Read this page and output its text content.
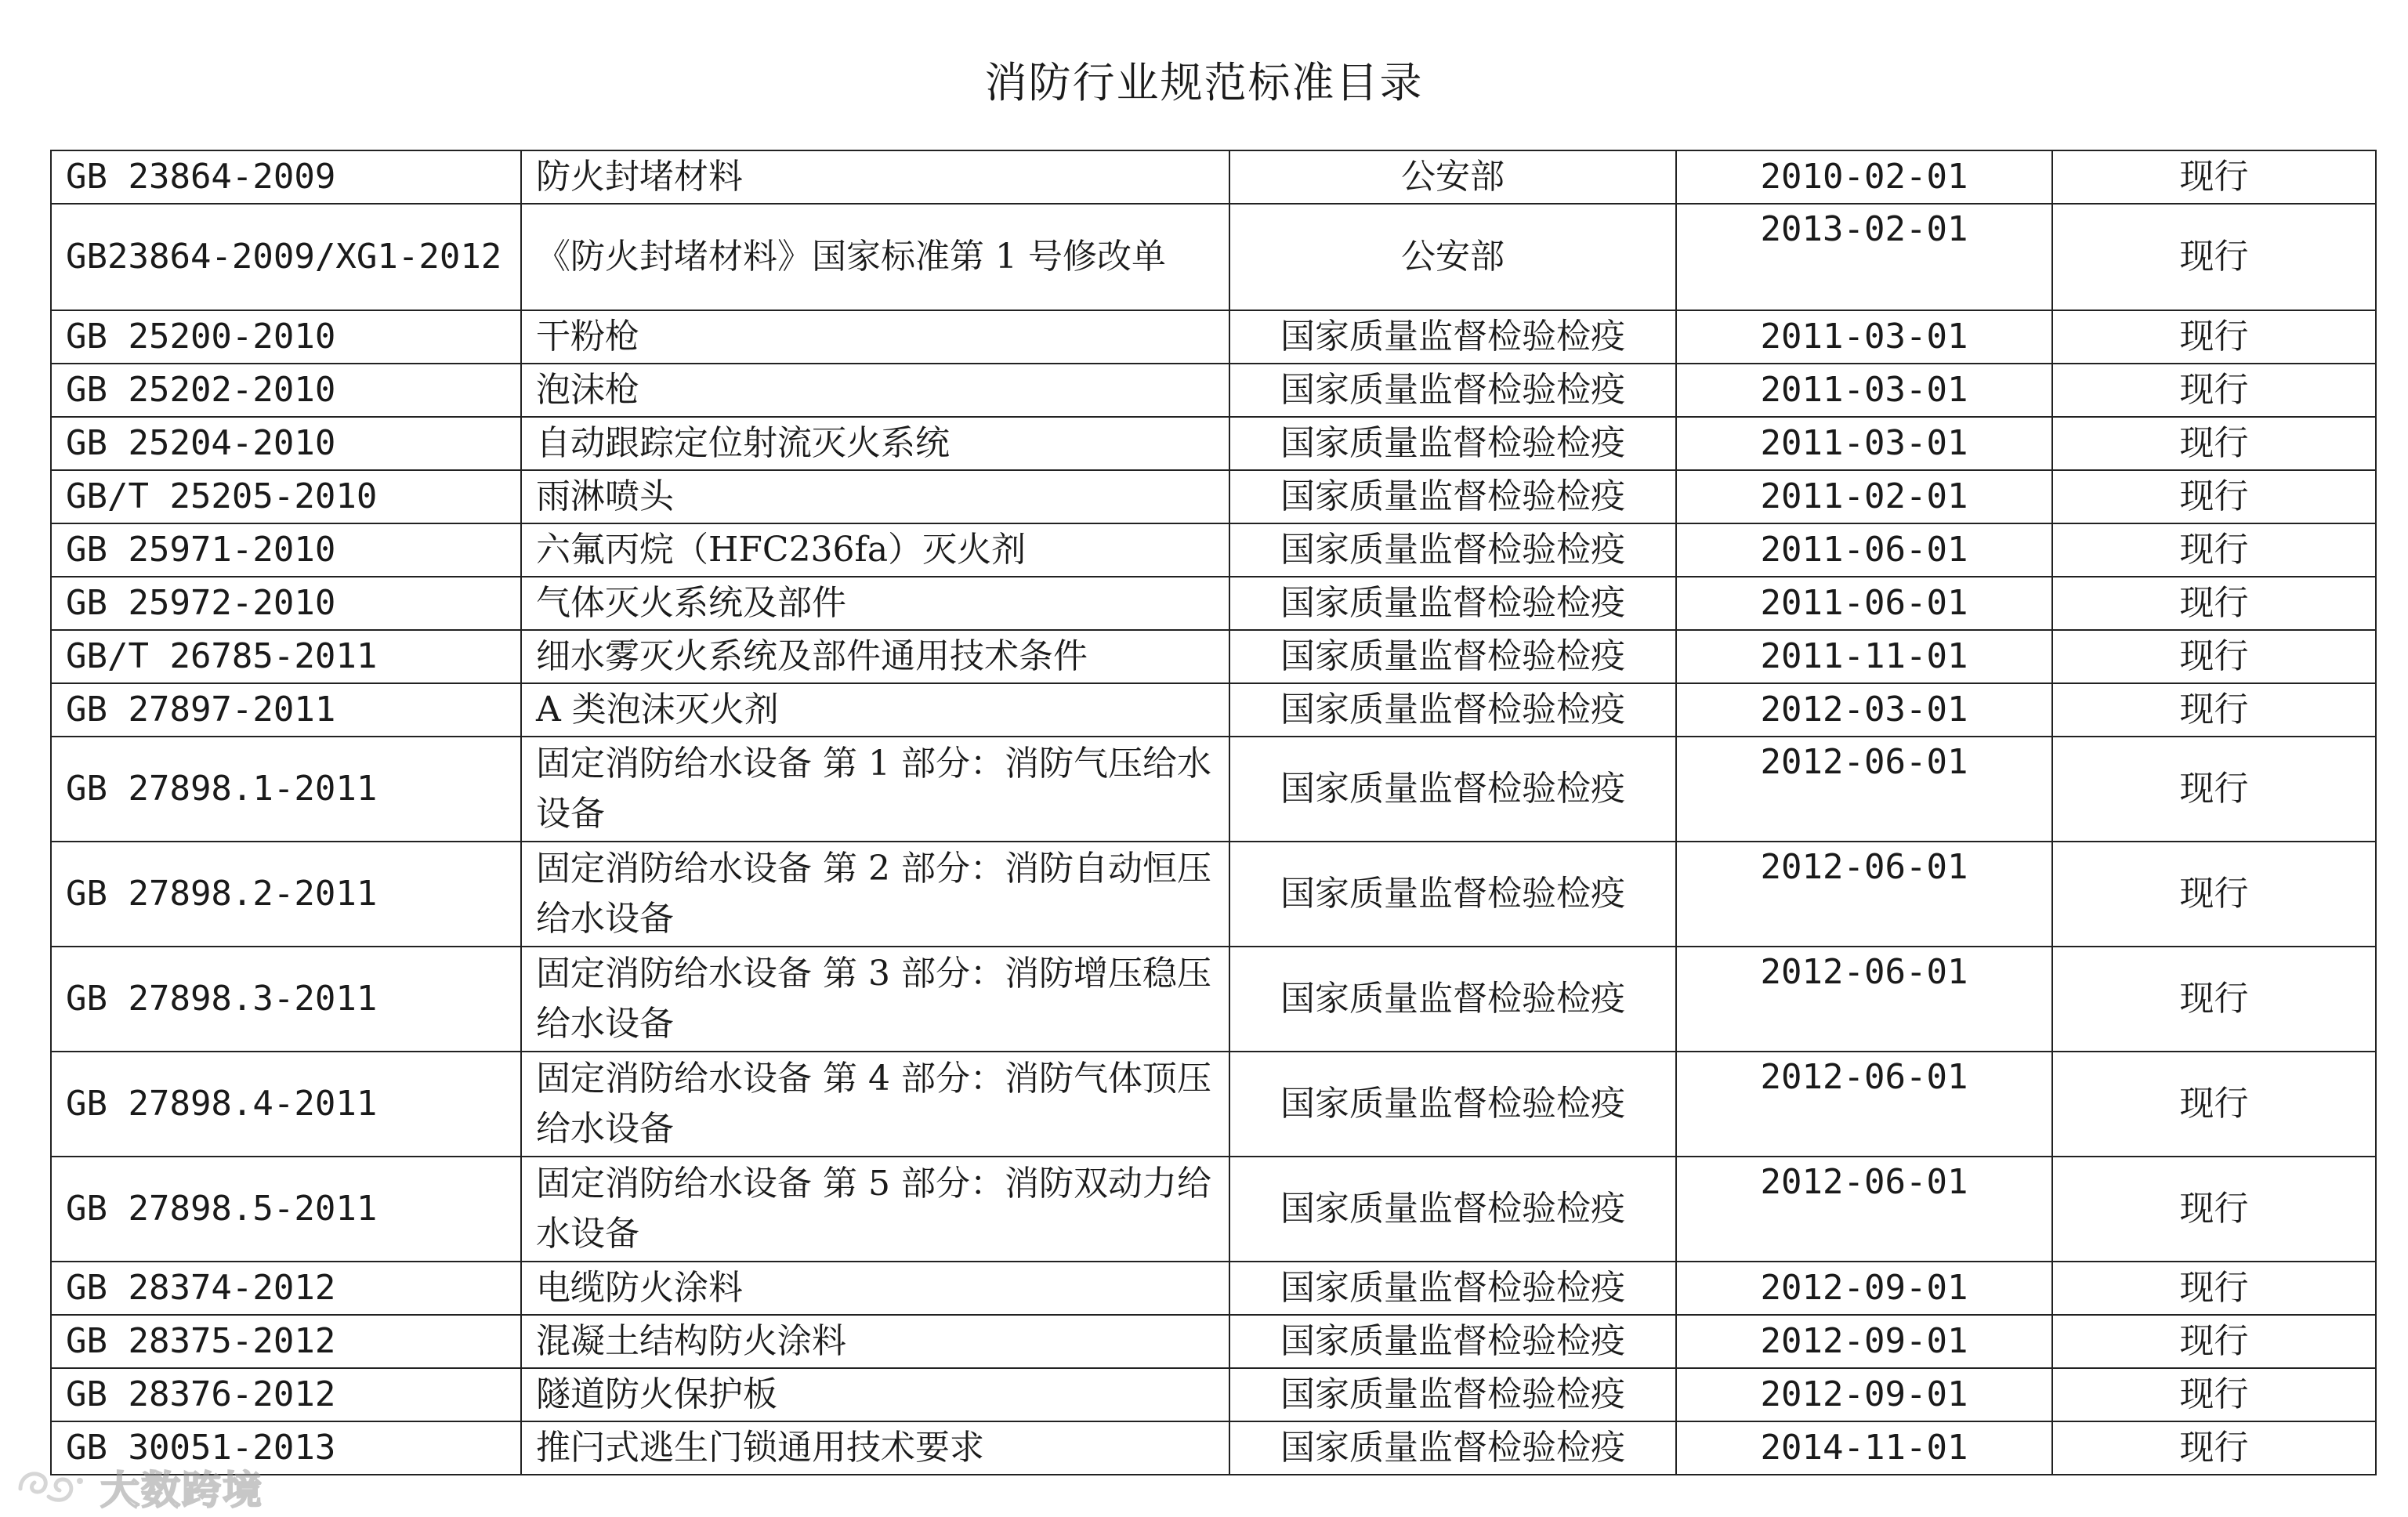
消防行业规范标准目录
GB 23864-2009	防火封堵材料	公安部	2010-02-01	现行
GB23864-2009/XG1-2012	《防火封堵材料》国家标准第 1 号修改单	公安部	2013-02-01	现行
GB 25200-2010	干粉枪	国家质量监督检验检疫	2011-03-01	现行
GB 25202-2010	泡沫枪	国家质量监督检验检疫	2011-03-01	现行
GB 25204-2010	自动跟踪定位射流灭火系统	国家质量监督检验检疫	2011-03-01	现行
GB/T 25205-2010	雨淋喷头	国家质量监督检验检疫	2011-02-01	现行
GB 25971-2010	六氟丙烷（HFC236fa）灭火剂	国家质量监督检验检疫	2011-06-01	现行
GB 25972-2010	气体灭火系统及部件	国家质量监督检验检疫	2011-06-01	现行
GB/T 26785-2011	细水雾灭火系统及部件通用技术条件	国家质量监督检验检疫	2011-11-01	现行
GB 27897-2011	A 类泡沫灭火剂	国家质量监督检验检疫	2012-03-01	现行
GB 27898.1-2011	固定消防给水设备 第 1 部分：消防气压给水设备	国家质量监督检验检疫	2012-06-01	现行
GB 27898.2-2011	固定消防给水设备 第 2 部分：消防自动恒压给水设备	国家质量监督检验检疫	2012-06-01	现行
GB 27898.3-2011	固定消防给水设备 第 3 部分：消防增压稳压给水设备	国家质量监督检验检疫	2012-06-01	现行
GB 27898.4-2011	固定消防给水设备 第 4 部分：消防气体顶压给水设备	国家质量监督检验检疫	2012-06-01	现行
GB 27898.5-2011	固定消防给水设备 第 5 部分：消防双动力给水设备	国家质量监督检验检疫	2012-06-01	现行
GB 28374-2012	电缆防火涂料	国家质量监督检验检疫	2012-09-01	现行
GB 28375-2012	混凝土结构防火涂料	国家质量监督检验检疫	2012-09-01	现行
GB 28376-2012	隧道防火保护板	国家质量监督检验检疫	2012-09-01	现行
GB 30051-2013	推闩式逃生门锁通用技术要求	国家质量监督检验检疫	2014-11-01	现行
大数跨境
